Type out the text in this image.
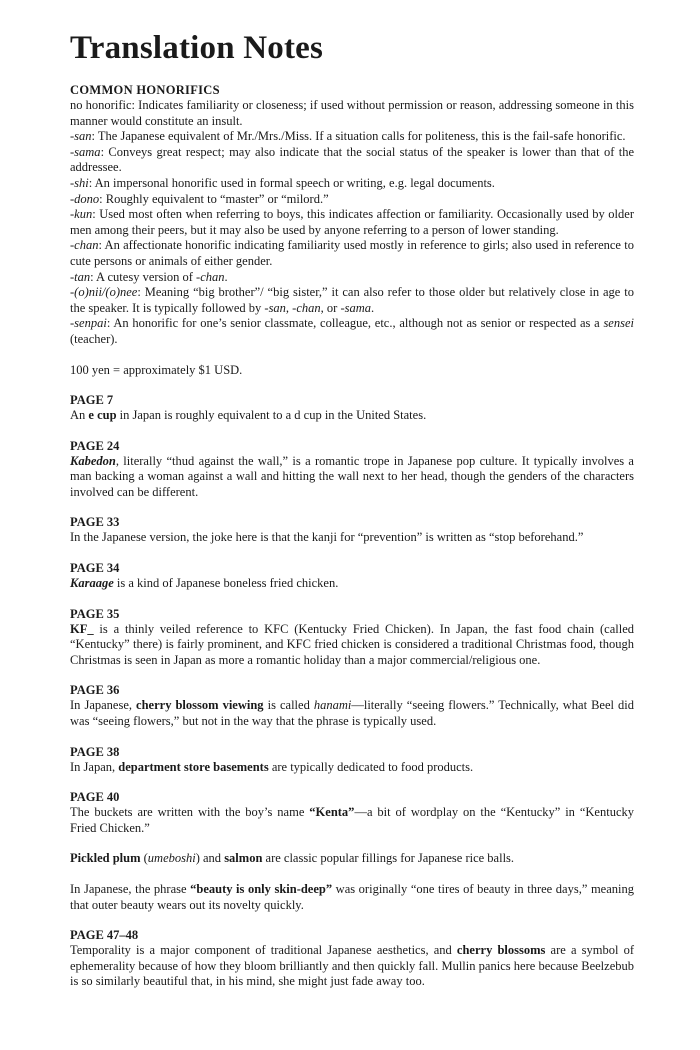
Translation Notes
COMMON HONORIFICS

no honorific: Indicates familiarity or closeness; if used without permission or reason, addressing someone in this manner would constitute an insult.

-san: The Japanese equivalent of Mr./Mrs./Miss. If a situation calls for politeness, this is the fail-safe honorific.

-sama: Conveys great respect; may also indicate that the social status of the speaker is lower than that of the addressee.

-shi: An impersonal honorific used in formal speech or writing, e.g. legal documents.

-dono: Roughly equivalent to “master” or “milord.”

-kun: Used most often when referring to boys, this indicates affection or familiarity. Occasionally used by older men among their peers, but it may also be used by anyone referring to a person of lower standing.

-chan: An affectionate honorific indicating familiarity used mostly in reference to girls; also used in reference to cute persons or animals of either gender.

-tan: A cutesy version of -chan.

-(o)nii/(o)nee: Meaning “big brother”/ “big sister,” it can also refer to those older but relatively close in age to the speaker. It is typically followed by -san, -chan, or -sama.

-senpai: An honorific for one’s senior classmate, colleague, etc., although not as senior or respected as a sensei (teacher).

100 yen = approximately $1 USD.

PAGE 7

An e cup in Japan is roughly equivalent to a d cup in the United States.

PAGE 24

Kabedon, literally “thud against the wall,” is a romantic trope in Japanese pop culture. It typically involves a man backing a woman against a wall and hitting the wall next to her head, though the genders of the characters involved can be different.

PAGE 33

In the Japanese version, the joke here is that the kanji for “prevention” is written as “stop beforehand.”

PAGE 34

Karaage is a kind of Japanese boneless fried chicken.

PAGE 35

KF_ is a thinly veiled reference to KFC (Kentucky Fried Chicken). In Japan, the fast food chain (called “Kentucky” there) is fairly prominent, and KFC fried chicken is considered a traditional Christmas food, though Christmas is seen in Japan as more a romantic holiday than a major commercial/religious one.

PAGE 36

In Japanese, cherry blossom viewing is called hanami—literally “seeing flowers.” Technically, what Beel did was “seeing flowers,” but not in the way that the phrase is typically used.

PAGE 38

In Japan, department store basements are typically dedicated to food products.

PAGE 40

The buckets are written with the boy’s name “Kenta”—a bit of wordplay on the “Kentucky” in “Kentucky Fried Chicken.”

Pickled plum (umeboshi) and salmon are classic popular fillings for Japanese rice balls.

In Japanese, the phrase “beauty is only skin-deep” was originally “one tires of beauty in three days,” meaning that outer beauty wears out its novelty quickly.

PAGE 47–48

Temporality is a major component of traditional Japanese aesthetics, and cherry blossoms are a symbol of ephemerality because of how they bloom brilliantly and then quickly fall. Mullin panics here because Beelzebub is so similarly beautiful that, in his mind, she might just fade away too.
